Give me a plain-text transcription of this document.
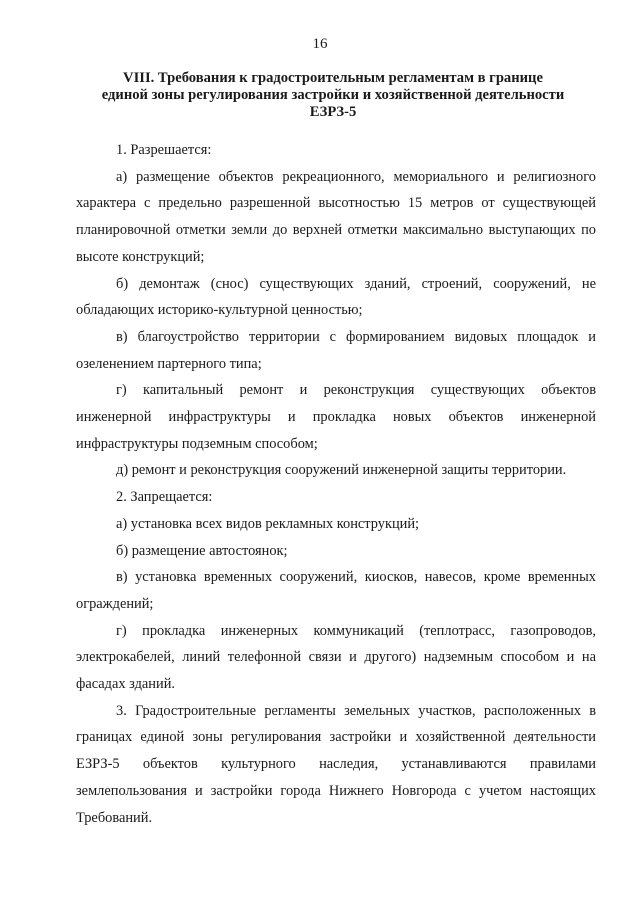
16
VIII. Требования к градостроительным регламентам в границе
единой зоны регулирования застройки и хозяйственной деятельности
ЕЗРЗ-5

1. Разрешается:

а) размещение объектов рекреационного, мемориального и религиозного характера с предельно разрешенной высотностью 15 метров от существующей планировочной отметки земли до верхней отметки максимально выступающих по высоте конструкций;

б) демонтаж (снос) существующих зданий, строений, сооружений, не обладающих историко-культурной ценностью;

в) благоустройство территории с формированием видовых площадок и озеленением партерного типа;

г) капитальный ремонт и реконструкция существующих объектов инженерной инфраструктуры и прокладка новых объектов инженерной инфраструктуры подземным способом;

д) ремонт и реконструкция сооружений инженерной защиты территории.

2. Запрещается:

а) установка всех видов рекламных конструкций;

б) размещение автостоянок;

в) установка временных сооружений, киосков, навесов, кроме временных ограждений;

г) прокладка инженерных коммуникаций (теплотрасс, газопроводов, электрокабелей, линий телефонной связи и другого) надземным способом и на фасадах зданий.

3. Градостроительные регламенты земельных участков, расположенных в границах единой зоны регулирования застройки и хозяйственной деятельности ЕЗРЗ-5 объектов культурного наследия, устанавливаются правилами землепользования и застройки города Нижнего Новгорода с учетом настоящих Требований.
